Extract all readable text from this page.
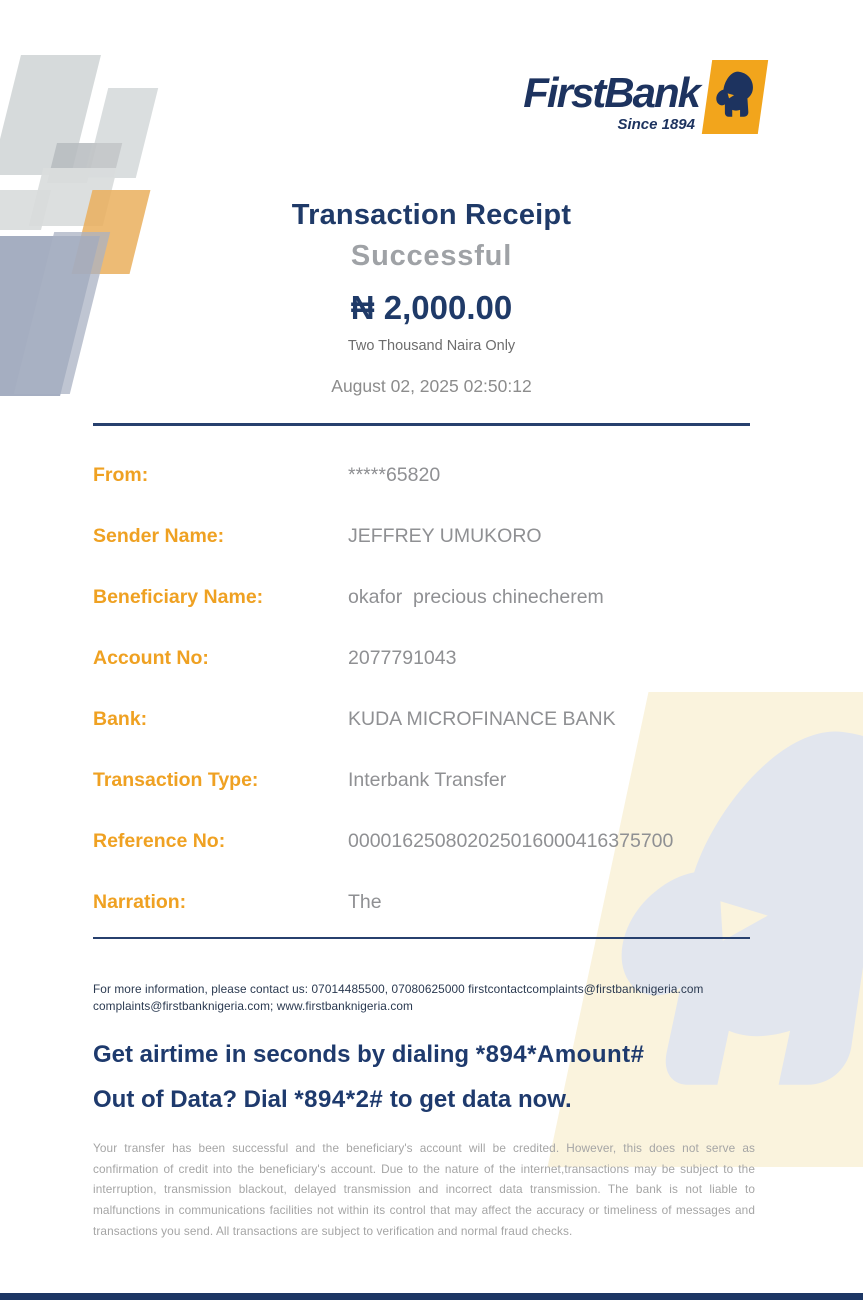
FirstBank
Since 1894
Transaction Receipt
Successful
₦ 2,000.00
Two Thousand Naira Only
August 02, 2025 02:50:12
From:	*****65820
Sender Name:	JEFFREY UMUKORO
Beneficiary Name:	okafor  precious chinecherem
Account No:	2077791043
Bank:	KUDA MICROFINANCE BANK
Transaction Type:	Interbank Transfer
Reference No:	000016250802025016000416375700
Narration:	The
For more information, please contact us: 07014485500, 07080625000 firstcontactcomplaints@firstbanknigeria.com
complaints@firstbanknigeria.com; www.firstbanknigeria.com
Get airtime in seconds by dialing *894*Amount#
Out of Data? Dial *894*2# to get data now.
Your transfer has been successful and the beneficiary's account will be credited. However, this does not serve as confirmation of credit into the beneficiary's account. Due to the nature of the internet,transactions may be subject to the interruption, transmission blackout, delayed transmission and incorrect data transmission. The bank is not liable to malfunctions in communications facilities not within its control that may affect the accuracy or timeliness of messages and transactions you send. All transactions are subject to verification and normal fraud checks.
